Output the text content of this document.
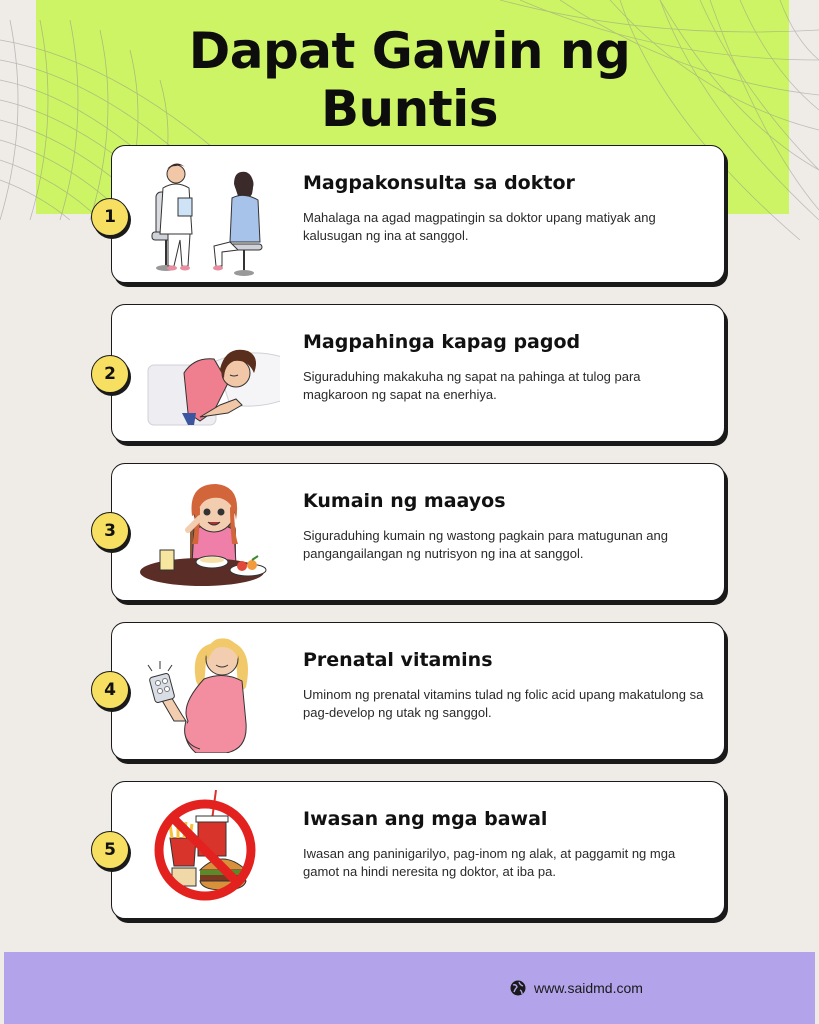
Dapat Gawin ng
Buntis
1
Magpakonsulta sa doktor
Mahalaga na agad magpatingin sa doktor upang matiyak ang kalusugan ng ina at sanggol.
2
Magpahinga kapag pagod
Siguraduhing makakuha ng sapat na pahinga at tulog para magkaroon ng sapat na enerhiya.
3
Kumain ng maayos
Siguraduhing kumain ng wastong pagkain para matugunan ang pangangailangan ng nutrisyon ng ina at sanggol.
4
Prenatal vitamins
Uminom ng prenatal vitamins tulad ng folic acid upang makatulong sa pag-develop ng utak ng sanggol.
5
Iwasan ang mga bawal
Iwasan ang paninigarilyo, pag-inom ng alak, at paggamit ng mga gamot na hindi neresita ng doktor, at iba pa.
www.saidmd.com
